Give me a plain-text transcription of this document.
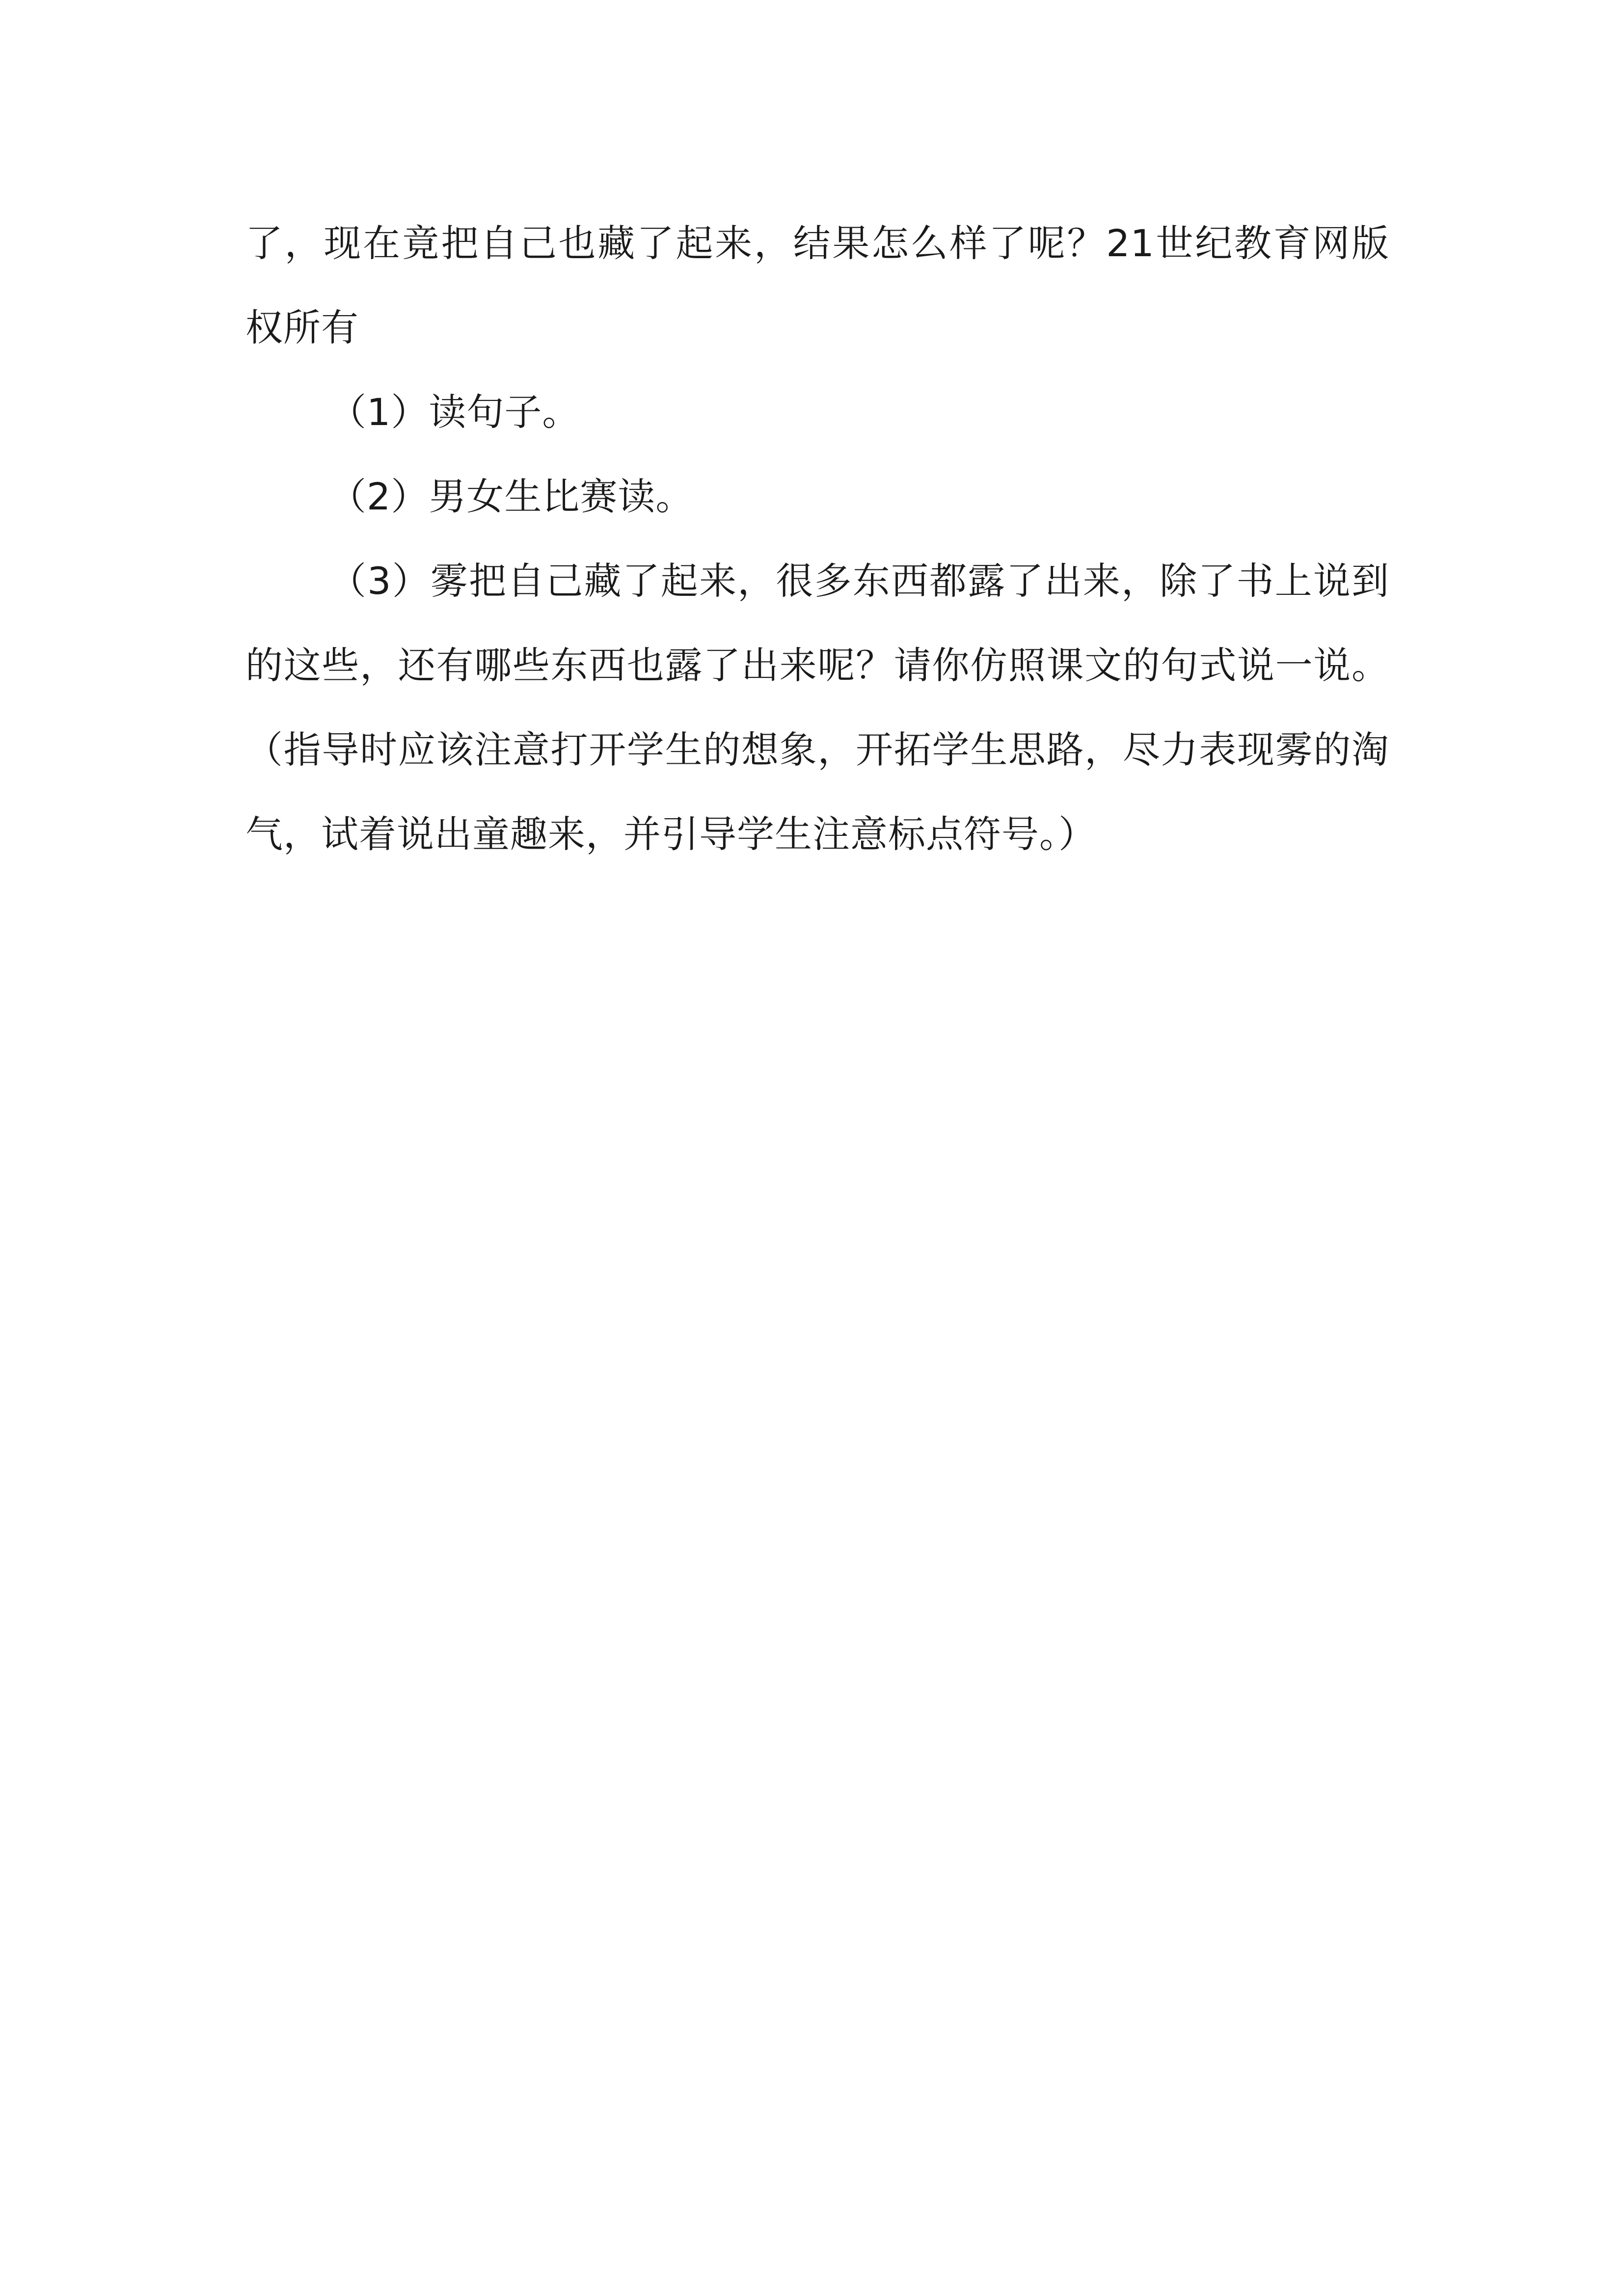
了，现在竟把自己也藏了起来，结果怎么样了呢？21世纪教育网版权所有

（1）读句子。

（2）男女生比赛读。

（3）雾把自己藏了起来，很多东西都露了出来，除了书上说到的这些，还有哪些东西也露了出来呢？请你仿照课文的句式说一说。（指导时应该注意打开学生的想象，开拓学生思路，尽力表现雾的淘气，试着说出童趣来，并引导学生注意标点符号。）
